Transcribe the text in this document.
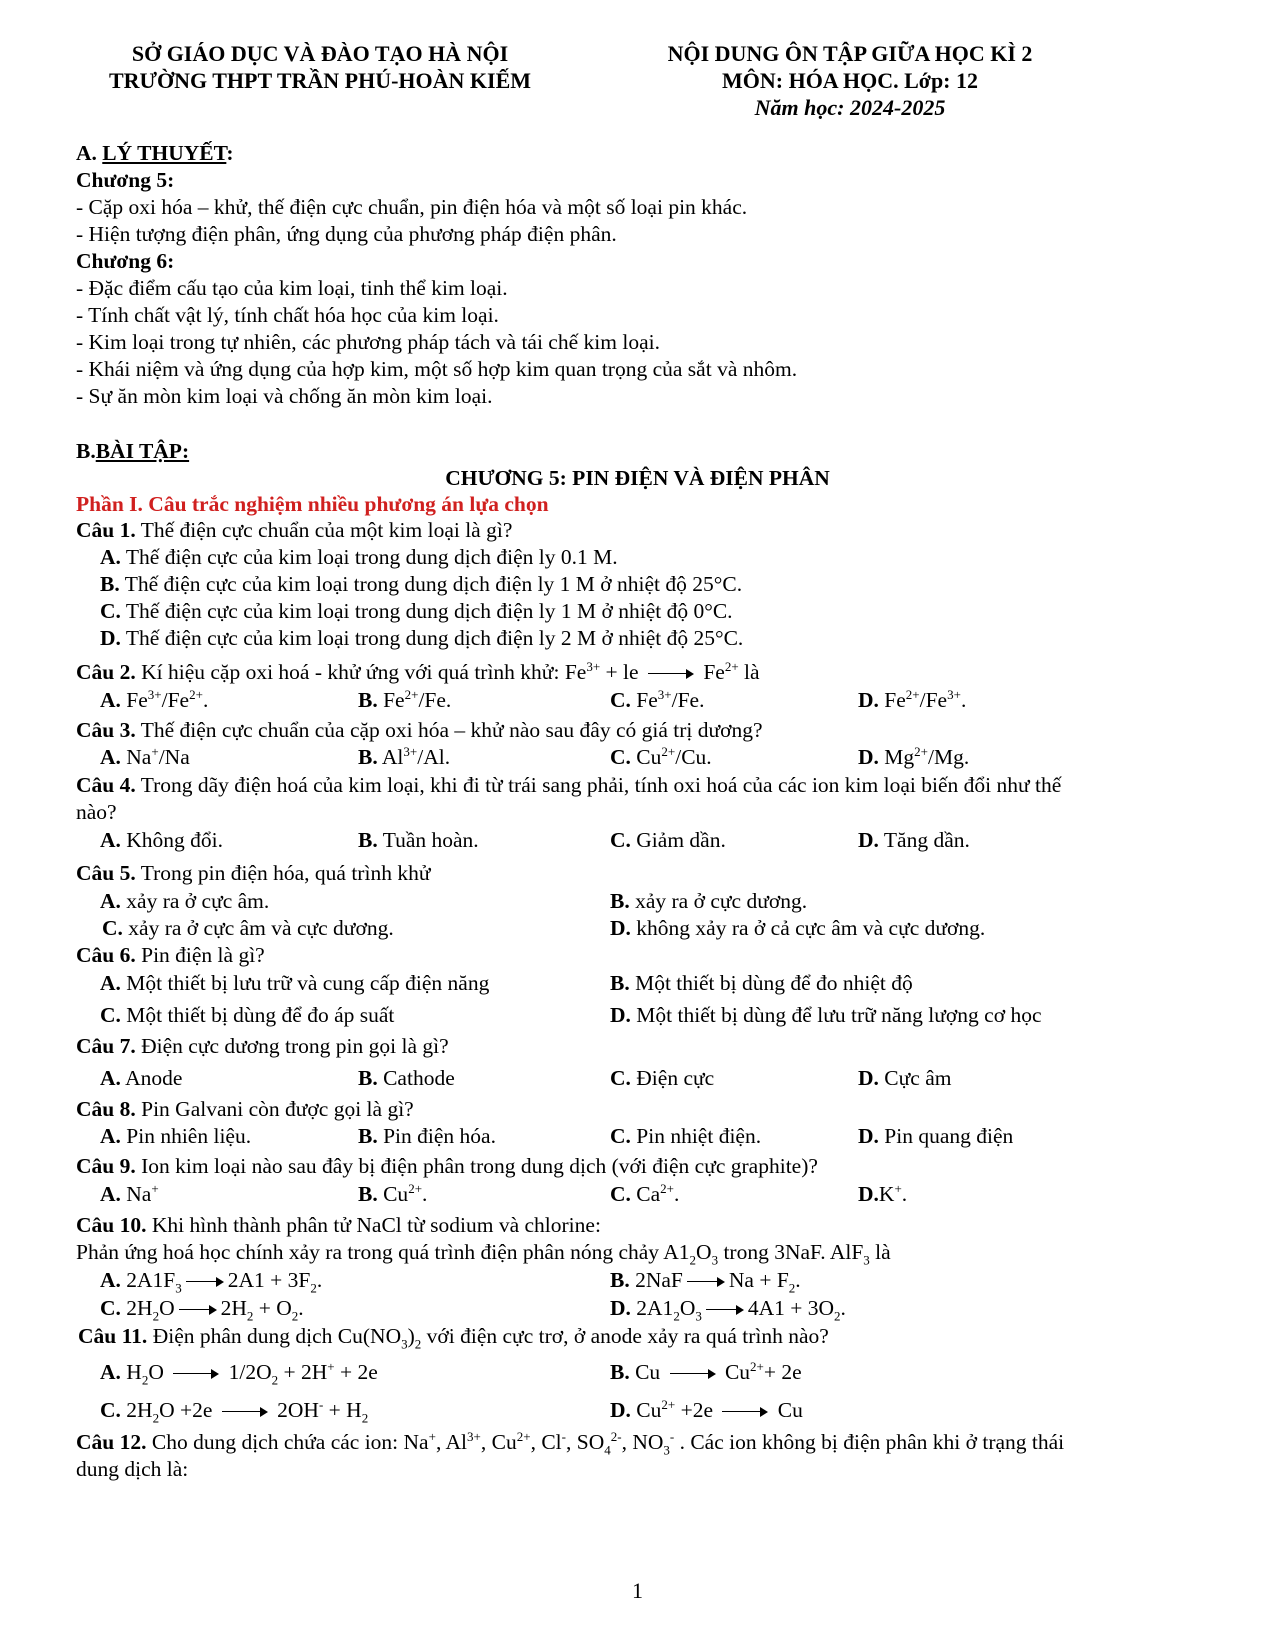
SỞ GIÁO DỤC VÀ ĐÀO TẠO HÀ NỘI
TRƯỜNG THPT TRẦN PHÚ-HOÀN KIẾM
NỘI DUNG ÔN TẬP GIỮA HỌC KÌ 2
MÔN: HÓA HỌC. Lớp: 12
Năm học: 2024-2025
A. LÝ THUYẾT:
Chương 5:
- Cặp oxi hóa – khử, thế điện cực chuẩn, pin điện hóa và một số loại pin khác.
- Hiện tượng điện phân, ứng dụng của phương pháp điện phân.
Chương 6:
- Đặc điểm cấu tạo của kim loại, tinh thể kim loại.
- Tính chất vật lý, tính chất hóa học của kim loại.
- Kim loại trong tự nhiên, các phương pháp tách và tái chế kim loại.
- Khái niệm và ứng dụng của hợp kim, một số hợp kim quan trọng của sắt và nhôm.
- Sự ăn mòn kim loại và chống ăn mòn kim loại.
B.BÀI TẬP:
CHƯƠNG 5: PIN ĐIỆN VÀ ĐIỆN PHÂN
Phần I. Câu trắc nghiệm nhiều phương án lựa chọn
Câu 1. Thế điện cực chuẩn của một kim loại là gì?
A. Thế điện cực của kim loại trong dung dịch điện ly 0.1 M.
B. Thế điện cực của kim loại trong dung dịch điện ly 1 M ở nhiệt độ 25°C.
C. Thế điện cực của kim loại trong dung dịch điện ly 1 M ở nhiệt độ 0°C.
D. Thế điện cực của kim loại trong dung dịch điện ly 2 M ở nhiệt độ 25°C.
Câu 2. Kí hiệu cặp oxi hoá - khử ứng với quá trình khử: $Fe^{3+}$ + le	$Fe^{2+}$ là
A. $Fe^{3+}/Fe^{2+}$.	B. $Fe^{2+}/Fe$.	C. $Fe^{3+}/Fe$.	D. $Fe^{2+}/Fe^{3+}$.
Câu 3. Thế điện cực chuẩn của cặp oxi hóa – khử nào sau đây có giá trị dương?
A. Na+/Na	B. $Al^{3+}/Al$.	C. $Cu^{2+}/Cu$.	D. $Mg^{2+}/Mg$.
Câu 4. Trong dãy điện hoá của kim loại, khi đi từ trái sang phải, tính oxi hoá của các ion kim loại biến đổi như thế
nào?
A. Không đổi.	B. Tuần hoàn.	C. Giảm dần.	D. Tăng dần.
Câu 5. Trong pin điện hóa, quá trình khử
A. xảy ra ở cực âm.	B. xảy ra ở cực dương.
C. xảy ra ở cực âm và cực dương.	D. không xảy ra ở cả cực âm và cực dương.
Câu 6. Pin điện là gì?
A. Một thiết bị lưu trữ và cung cấp điện năng	B. Một thiết bị dùng để đo nhiệt độ
C. Một thiết bị dùng để đo áp suất	D. Một thiết bị dùng để lưu trữ năng lượng cơ học
Câu 7. Điện cực dương trong pin gọi là gì?
A. Anode	B. Cathode	C. Điện cực	D. Cực âm
Câu 8. Pin Galvani còn được gọi là gì?
A. Pin nhiên liệu.	B. Pin điện hóa.	C. Pin nhiệt điện.	D. Pin quang điện
Câu 9. Ion kim loại nào sau đây bị điện phân trong dung dịch (với điện cực graphite)?
A. Na+	B. $Cu^{2+}$.	C. $Ca^{2+}$.	D.K+.
Câu 10. Khi hình thành phân tử NaCl từ sodium và chlorine:
Phản ứng hoá học chính xảy ra trong quá trình điện phân nóng chảy $A1_2O_3$ trong 3NaF. AlF$_3$ là
A. $2A1F_3$ $2A1 + 3F_2$.	B. 2NaF $Na + F_2$.
C. $2H_2O$ $2H_2 + O_2$.	D. $2A1_2O_3$ $4A1 + 3O_2$.
Câu 11. Điện phân dung dịch $Cu(NO_3)_2$ với điện cực trơ, ở anode xảy ra quá trình nào?
A. $H_2O$	$1/2O_2 + 2H^+ + 2e$	B. Cu	$Cu^{2+}+ 2e$
C. $2H_2O +2e$	$2OH^- + H_2$	D. $Cu^{2+} +2e$	Cu
Câu 12. Cho dung dịch chứa các ion: Na+, $Al^{3+}$, $Cu^{2+}$, Cl-, $SO_4^{2-}$, $NO_3^-$ . Các ion không bị điện phân khi ở trạng thái
dung dịch là:
1
